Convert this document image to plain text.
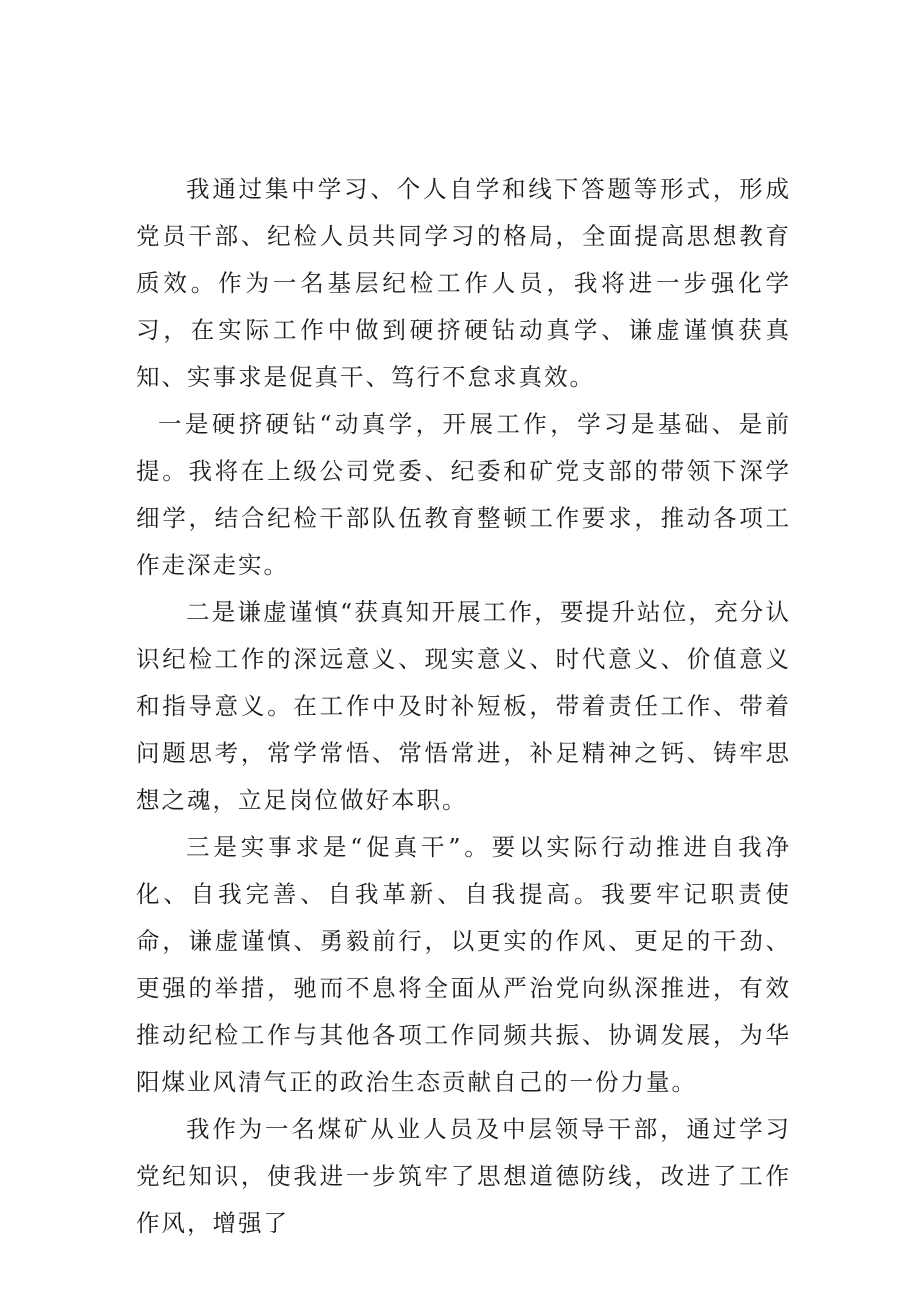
我通过集中学习、个人自学和线下答题等形式，形成党员干部、纪检人员共同学习的格局，全面提高思想教育质效。作为一名基层纪检工作人员，我将进一步强化学习，在实际工作中做到硬挤硬钻动真学、谦虚谨慎获真知、实事求是促真干、笃行不怠求真效。

一是硬挤硬钻“动真学，开展工作，学习是基础、是前提。我将在上级公司党委、纪委和矿党支部的带领下深学细学，结合纪检干部队伍教育整顿工作要求，推动各项工作走深走实。

二是谦虚谨慎“获真知开展工作，要提升站位，充分认识纪检工作的深远意义、现实意义、时代意义、价值意义和指导意义。在工作中及时补短板，带着责任工作、带着问题思考，常学常悟、常悟常进，补足精神之钙、铸牢思想之魂，立足岗位做好本职。

三是实事求是“促真干”。要以实际行动推进自我净化、自我完善、自我革新、自我提高。我要牢记职责使命，谦虚谨慎、勇毅前行，以更实的作风、更足的干劲、更强的举措，驰而不息将全面从严治党向纵深推进，有效推动纪检工作与其他各项工作同频共振、协调发展，为华阳煤业风清气正的政治生态贡献自己的一份力量。

我作为一名煤矿从业人员及中层领导干部，通过学习党纪知识，使我进一步筑牢了思想道德防线，改进了工作作风，增强了
